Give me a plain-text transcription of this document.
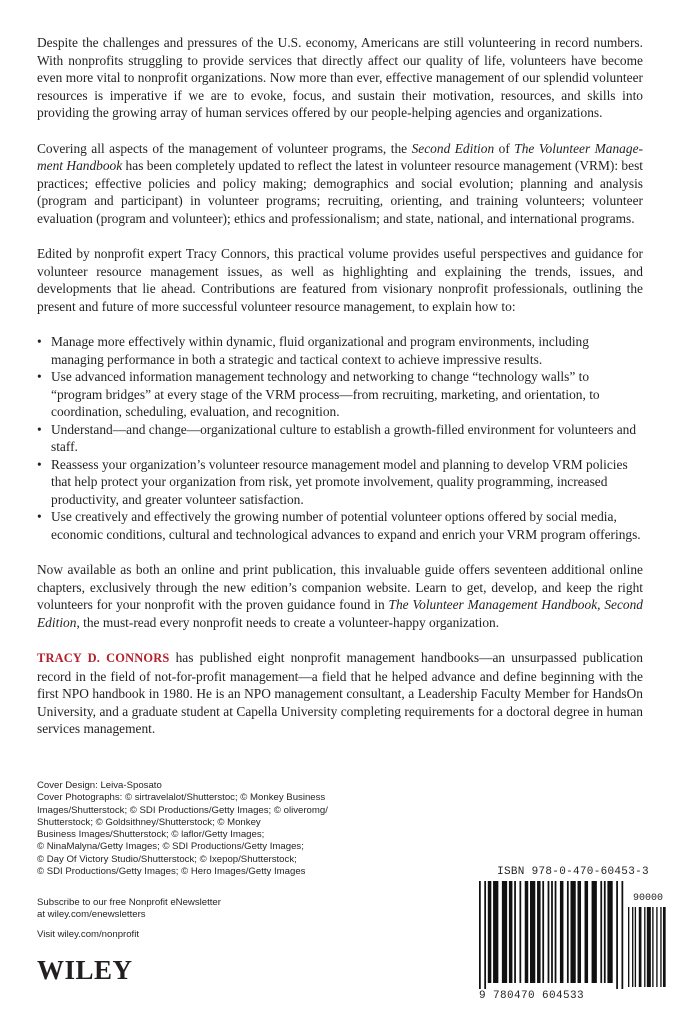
Despite the challenges and pressures of the U.S. economy, Americans are still volunteering in record numbers. With nonprofits struggling to provide services that directly affect our quality of life, volunteers have become even more vital to nonprofit organizations. Now more than ever, effective management of our splendid volunteer resources is imperative if we are to evoke, focus, and sustain their motivation, resources, and skills into providing the growing array of human services offered by our people-helping agencies and organizations.

Covering all aspects of the management of volunteer programs, the Second Edition of The Volunteer Management Handbook has been completely updated to reflect the latest in volunteer resource management (VRM): best practices; effective policies and policy making; demographics and social evolution; planning and analysis (program and participant) in volunteer programs; recruiting, orienting, and training volunteers; volunteer evaluation (program and volunteer); ethics and professionalism; and state, national, and international programs.

Edited by nonprofit expert Tracy Connors, this practical volume provides useful perspectives and guidance for volunteer resource management issues, as well as highlighting and explaining the trends, issues, and developments that lie ahead. Contributions are featured from visionary nonprofit professionals, outlining the present and future of more successful volunteer resource management, to explain how to:

• Manage more effectively within dynamic, fluid organizational and program environments, including managing performance in both a strategic and tactical context to achieve impressive results.
• Use advanced information management technology and networking to change “technology walls” to “program bridges” at every stage of the VRM process—from recruiting, marketing, and orientation, to coordination, scheduling, evaluation, and recognition.
• Understand—and change—organizational culture to establish a growth-filled environment for volunteers and staff.
• Reassess your organization’s volunteer resource management model and planning to develop VRM policies that help protect your organization from risk, yet promote involvement, quality programming, increased productivity, and greater volunteer satisfaction.
• Use creatively and effectively the growing number of potential volunteer options offered by social media, economic conditions, cultural and technological advances to expand and enrich your VRM program offerings.

Now available as both an online and print publication, this invaluable guide offers seventeen additional online chapters, exclusively through the new edition’s companion website. Learn to get, develop, and keep the right volunteers for your nonprofit with the proven guidance found in The Volunteer Management Handbook, Second Edition, the must-read every nonprofit needs to create a volunteer-happy organization.

TRACY D. CONNORS has published eight nonprofit management handbooks—an unsurpassed publication record in the field of not-for-profit management—a field that he helped advance and define beginning with the first NPO handbook in 1980. He is an NPO management consultant, a Leadership Faculty Member for HandsOn University, and a graduate student at Capella University completing requirements for a doctoral degree in human services management.

Cover Design: Leiva-Sposato
Cover Photographs: © sirtravelalot/Shutterstoc; © Monkey Business
Images/Shutterstock; © SDI Productions/Getty Images; © oliveromg/
Shutterstock; © Goldsithney/Shutterstock; © Monkey
Business Images/Shutterstock; © laflor/Getty Images;
© NinaMalyna/Getty Images; © SDI Productions/Getty Images;
© Day Of Victory Studio/Shutterstock; © Ixepop/Shutterstock;
© SDI Productions/Getty Images; © Hero Images/Getty Images
Subscribe to our free Nonprofit eNewsletter
at wiley.com/enewsletters
Visit wiley.com/nonprofit
WILEY
ISBN 978-0-470-60453-3
90000
9 780470 604533
